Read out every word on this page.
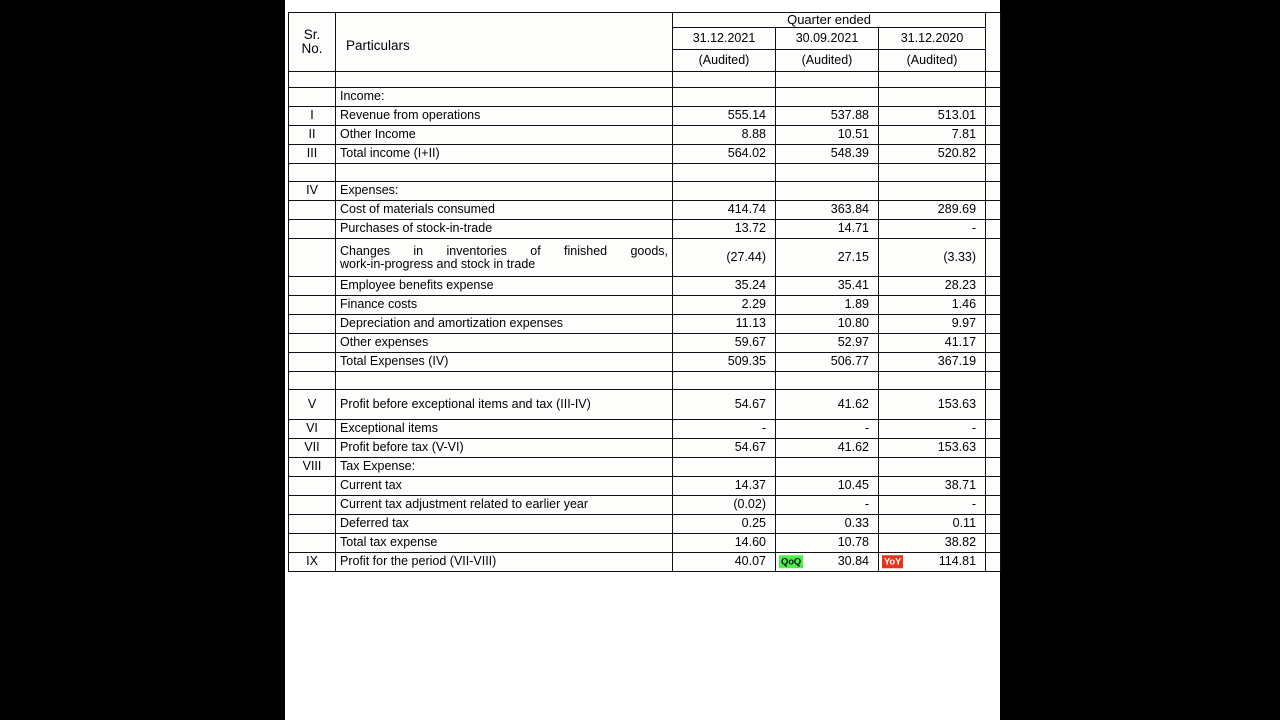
Sr.
No.	Particulars	Quarter ended			
		31.12.2021	30.09.2021	31.12.2020	
		(Audited)	(Audited)	(Audited)	

	Income:				
I	Revenue from operations	555.14	537.88	513.01	
II	Other Income	8.88	10.51	7.81	
III	Total income (I+II)	564.02	548.39	520.82	

IV	Expenses:				
	Cost of materials consumed	414.74	363.84	289.69	
	Purchases of stock-in-trade	13.72	14.71	-	

	Changes in inventories of finished goods,
work-in-progress and stock in trade	(27.44)	27.15	(3.33)	
	Employee benefits expense	35.24	35.41	28.23	
	Finance costs	2.29	1.89	1.46	
	Depreciation and amortization expenses	11.13	10.80	9.97	
	Other expenses	59.67	52.97	41.17	
	Total Expenses (IV)	509.35	506.77	367.19	

V	Profit before exceptional items and tax (III-IV)	54.67	41.62	153.63	
VI	Exceptional items	-	-	-	
VII	Profit before tax (V-VI)	54.67	41.62	153.63	
VIII	Tax Expense:				
	Current tax	14.37	10.45	38.71	
	Current tax adjustment related to earlier year	(0.02)	-	-	
	Deferred tax	0.25	0.33	0.11	
	Total tax expense	14.60	10.78	38.82	
IX	Profit for the period (VII-VIII)	40.07	QoQ 30.84	YoY 114.81	
